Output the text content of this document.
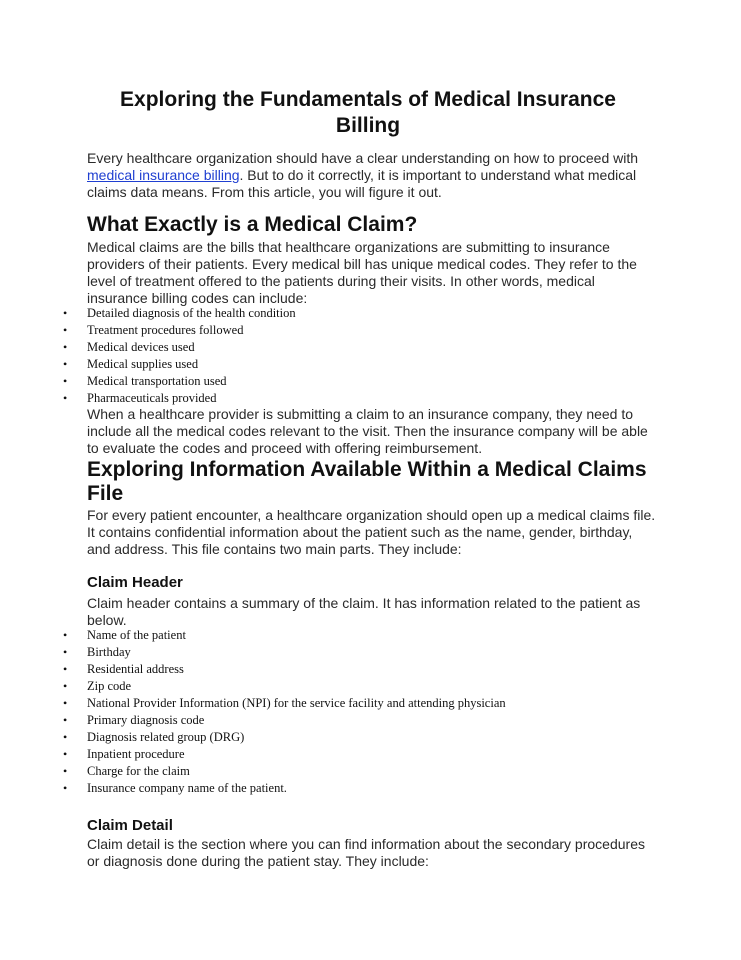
Exploring the Fundamentals of Medical Insurance Billing

Every healthcare organization should have a clear understanding on how to proceed with medical insurance billing. But to do it correctly, it is important to understand what medical claims data means. From this article, you will figure it out.

What Exactly is a Medical Claim?

Medical claims are the bills that healthcare organizations are submitting to insurance providers of their patients. Every medical bill has unique medical codes. They refer to the level of treatment offered to the patients during their visits. In other words, medical insurance billing codes can include:

• Detailed diagnosis of the health condition
• Treatment procedures followed
• Medical devices used
• Medical supplies used
• Medical transportation used
• Pharmaceuticals provided

When a healthcare provider is submitting a claim to an insurance company, they need to include all the medical codes relevant to the visit. Then the insurance company will be able to evaluate the codes and proceed with offering reimbursement.

Exploring Information Available Within a Medical Claims File

For every patient encounter, a healthcare organization should open up a medical claims file. It contains confidential information about the patient such as the name, gender, birthday, and address. This file contains two main parts. They include:

Claim Header

Claim header contains a summary of the claim. It has information related to the patient as below.

• Name of the patient
• Birthday
• Residential address
• Zip code
• National Provider Information (NPI) for the service facility and attending physician
• Primary diagnosis code
• Diagnosis related group (DRG)
• Inpatient procedure
• Charge for the claim
• Insurance company name of the patient.
Claim Detail

Claim detail is the section where you can find information about the secondary procedures or diagnosis done during the patient stay. They include:
